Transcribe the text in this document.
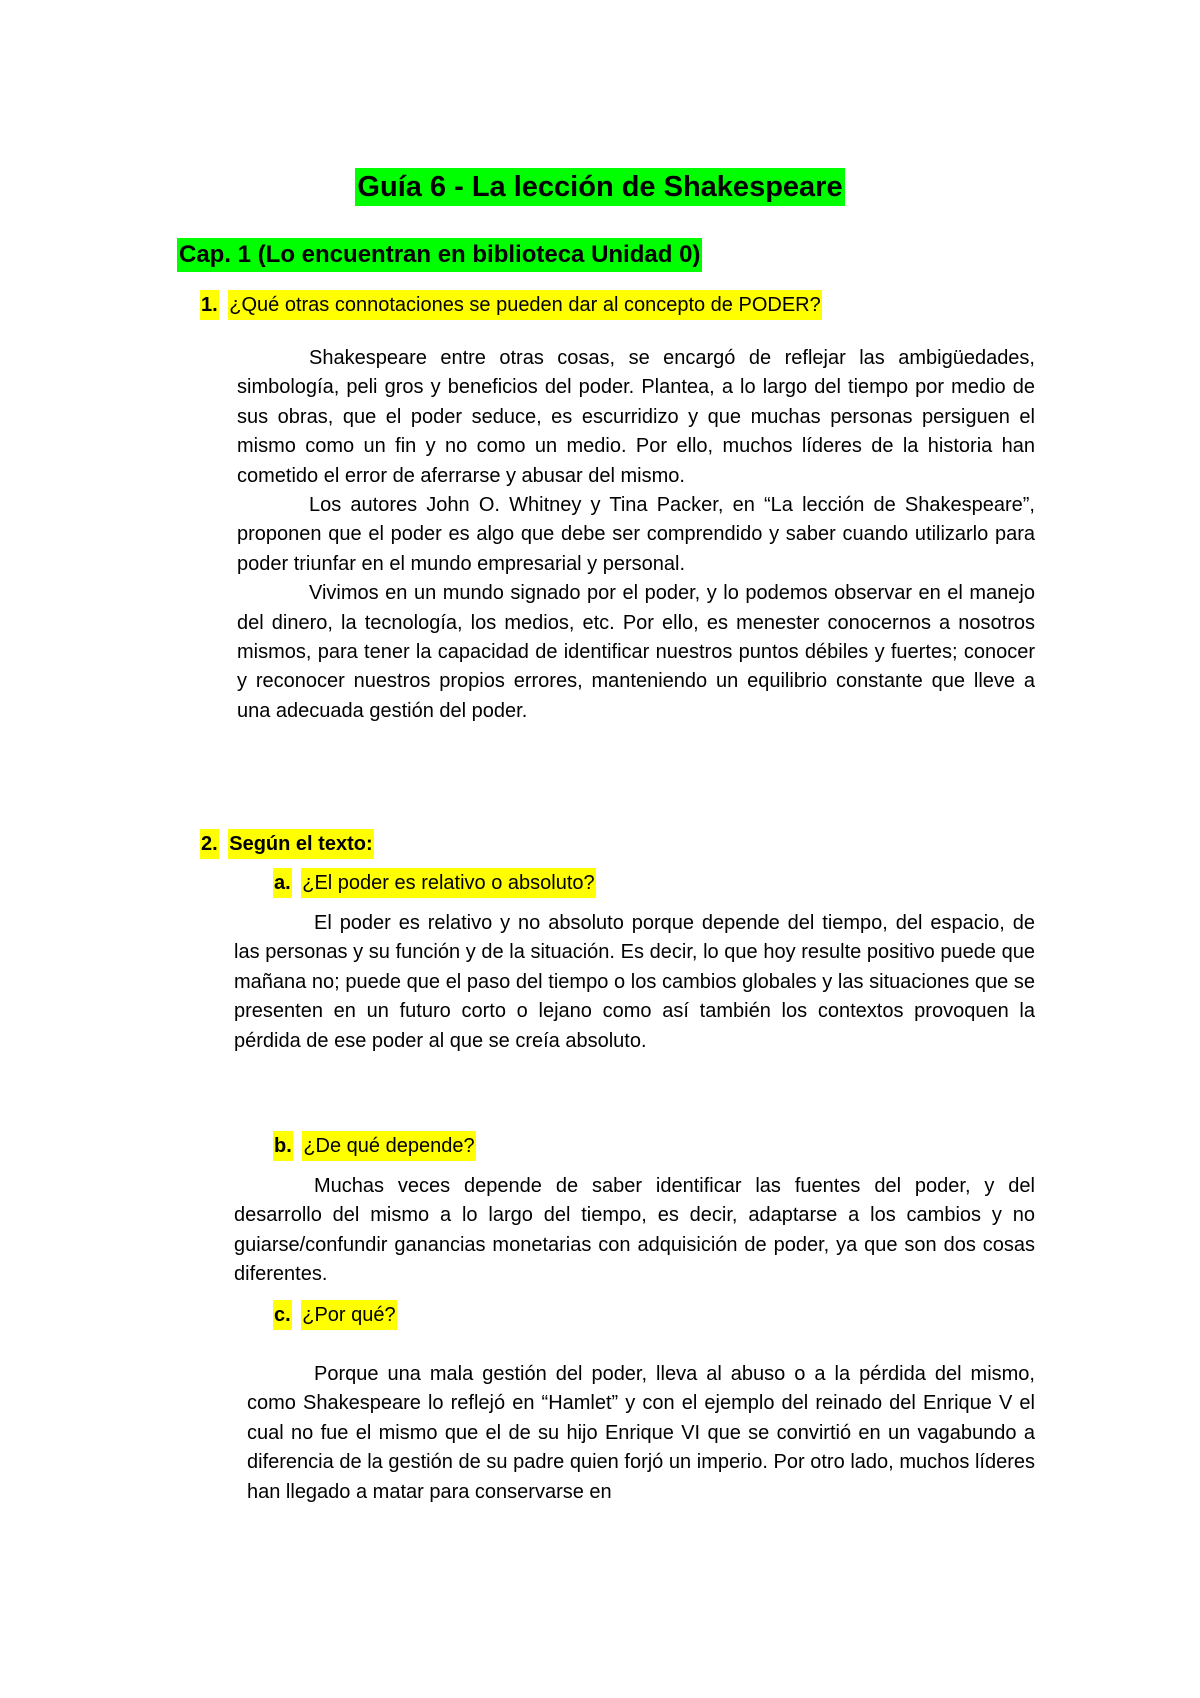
Guía 6 - La lección de Shakespeare
Cap. 1 (Lo encuentran en biblioteca Unidad 0)
1. ¿Qué otras connotaciones se pueden dar al concepto de PODER?

Shakespeare entre otras cosas, se encargó de reflejar las ambigüedades, simbología, peli gros y beneficios del poder. Plantea, a lo largo del tiempo por medio de sus obras, que el poder seduce, es escurridizo y que muchas personas persiguen el mismo como un fin y no como un medio. Por ello, muchos líderes de la historia han cometido el error de aferrarse y abusar del mismo.

Los autores John O. Whitney y Tina Packer, en “La lección de Shakespeare”, proponen que el poder es algo que debe ser comprendido y saber cuando utilizarlo para poder triunfar en el mundo empresarial y personal.

Vivimos en un mundo signado por el poder, y lo podemos observar en el manejo del dinero, la tecnología, los medios, etc. Por ello, es menester conocernos a nosotros mismos, para tener la capacidad de identificar nuestros puntos débiles y fuertes; conocer y reconocer nuestros propios errores, manteniendo un equilibrio constante que lleve a una adecuada gestión del poder.

2. Según el texto:
a. ¿El poder es relativo o absoluto?

El poder es relativo y no absoluto porque depende del tiempo, del espacio, de las personas y su función y de la situación. Es decir, lo que hoy resulte positivo puede que mañana no; puede que el paso del tiempo o los cambios globales y las situaciones que se presenten en un futuro corto o lejano como así también los contextos provoquen la pérdida de ese poder al que se creía absoluto.

b. ¿De qué depende?

Muchas veces depende de saber identificar las fuentes del poder, y del desarrollo del mismo a lo largo del tiempo, es decir, adaptarse a los cambios y no guiarse/confundir ganancias monetarias con adquisición de poder, ya que son dos cosas diferentes.

c. ¿Por qué?

Porque una mala gestión del poder, lleva al abuso o a la pérdida del mismo, como Shakespeare lo reflejó en “Hamlet” y con el ejemplo del reinado del Enrique V el cual no fue el mismo que el de su hijo Enrique VI que se convirtió en un vagabundo a diferencia de la gestión de su padre quien forjó un imperio. Por otro lado, muchos líderes han llegado a matar para conservarse en
